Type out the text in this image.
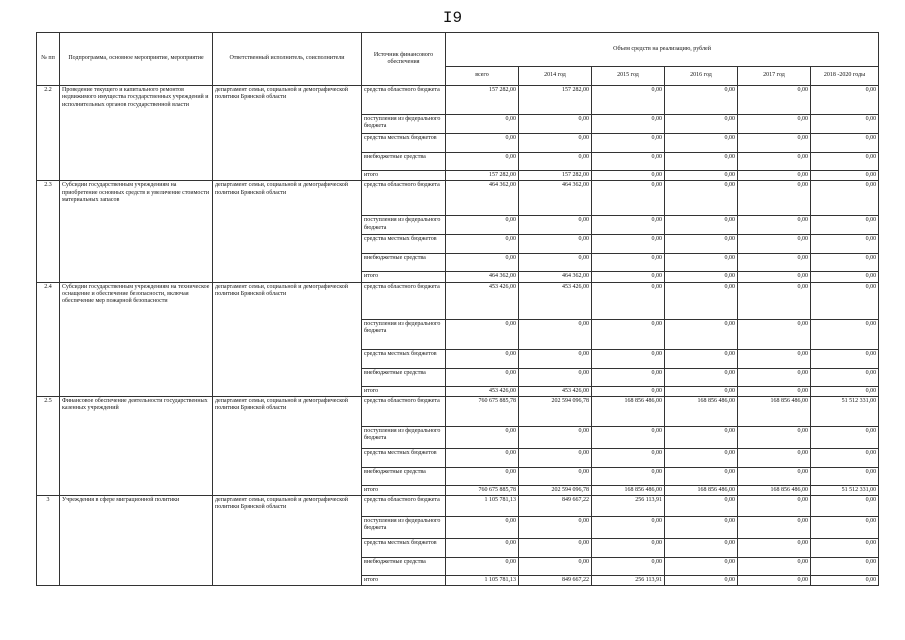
I9
№ пп	Подпрограмма, основное мероприятие, мероприятие	Ответственный исполнитель, соисполнители	Источник финансового обеспечения	Объем средств на реализацию, рублей					
				всего	2014 год	2015 год	2016 год	2017 год	2018 -2020 годы
2.2	Проведение текущего и капитального ремонтов недвижимого имущества государственных учреждений и исполнительных органов государственной власти	департамент семьи, социальной и демографической политики Брянской области	средства областного бюджета	157 282,00	157 282,00	0,00	0,00	0,00	0,00
			поступления из федерального бюджета	0,00	0,00	0,00	0,00	0,00	0,00
			средства местных бюджетов	0,00	0,00	0,00	0,00	0,00	0,00
			внебюджетные средства	0,00	0,00	0,00	0,00	0,00	0,00
			итого	157 282,00	157 282,00	0,00	0,00	0,00	0,00
2.3	Субсидии государственным учреждениям на приобретение основных средств и увеличение стоимости материальных запасов	департамент семьи, социальной и демографической политики Брянской области	средства областного бюджета	464 362,00	464 362,00	0,00	0,00	0,00	0,00
			поступления из федерального бюджета	0,00	0,00	0,00	0,00	0,00	0,00
			средства местных бюджетов	0,00	0,00	0,00	0,00	0,00	0,00
			внебюджетные средства	0,00	0,00	0,00	0,00	0,00	0,00
			итого	464 362,00	464 362,00	0,00	0,00	0,00	0,00
2.4	Субсидии государственным учреждениям на техническое оснащение и обеспечение безопасности, включая обеспечение мер пожарной безопасности	департамент семьи, социальной и демографической политики Брянской области	средства областного бюджета	453 426,00	453 426,00	0,00	0,00	0,00	0,00
			поступления из федерального бюджета	0,00	0,00	0,00	0,00	0,00	0,00
			средства местных бюджетов	0,00	0,00	0,00	0,00	0,00	0,00
			внебюджетные средства	0,00	0,00	0,00	0,00	0,00	0,00
			итого	453 426,00	453 426,00	0,00	0,00	0,00	0,00
2.5	Финансовое обеспечение деятельности государственных казенных учреждений	департамент семьи, социальной и демографической политики Брянской области	средства областного бюджета	760 675 885,78	202 594 096,78	168 856 486,00	168 856 486,00	168 856 486,00	51 512 331,00
			поступления из федерального бюджета	0,00	0,00	0,00	0,00	0,00	0,00
			средства местных бюджетов	0,00	0,00	0,00	0,00	0,00	0,00
			внебюджетные средства	0,00	0,00	0,00	0,00	0,00	0,00
			итого	760 675 885,78	202 594 096,78	168 856 486,00	168 856 486,00	168 856 486,00	51 512 331,00
3	Учреждения в сфере миграционной политики	департамент семьи, социальной и демографической политики Брянской области	средства областного бюджета	1 105 781,13	849 667,22	256 113,91	0,00	0,00	0,00
			поступления из федерального бюджета	0,00	0,00	0,00	0,00	0,00	0,00
			средства местных бюджетов	0,00	0,00	0,00	0,00	0,00	0,00
			внебюджетные средства	0,00	0,00	0,00	0,00	0,00	0,00
			итого	1 105 781,13	849 667,22	256 113,91	0,00	0,00	0,00
